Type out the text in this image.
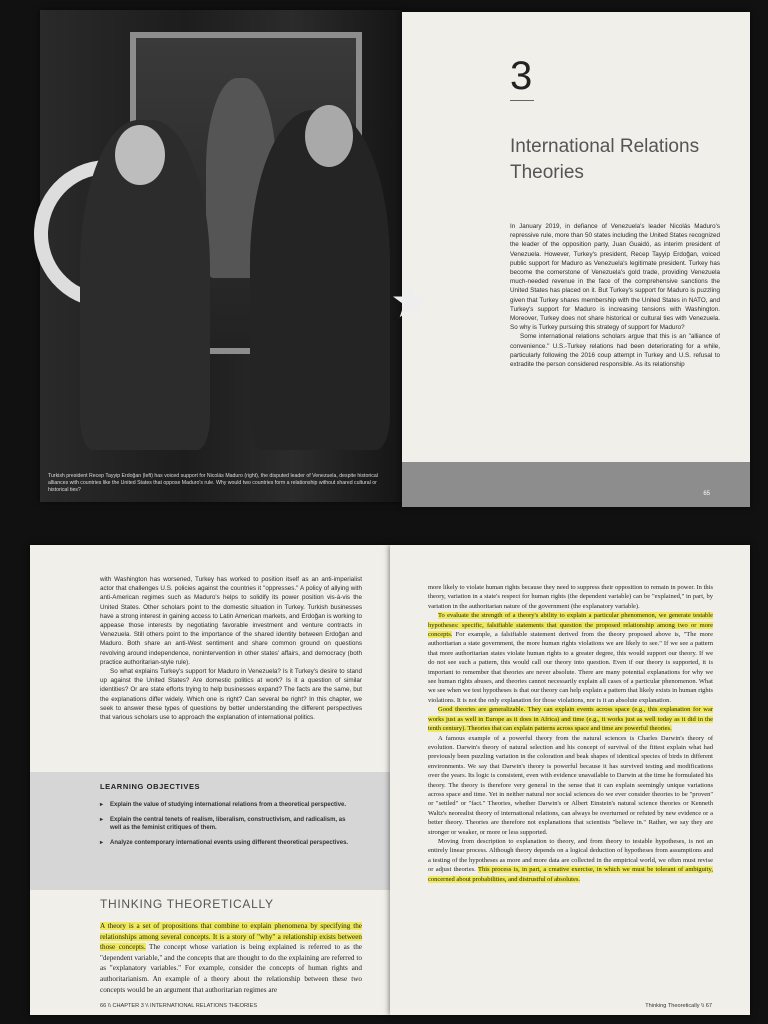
Turkish president Recep Tayyip Erdoğan (left) has voiced support for Nicolás Maduro (right), the disputed leader of Venezuela, despite historical alliances with countries like the United States that oppose Maduro's rule. Why would two countries form a relationship without shared cultural or historical ties?
★
3
International Relations Theories
In January 2019, in defiance of Venezuela's leader Nicolás Maduro's repressive rule, more than 50 states including the United States recognized the leader of the opposition party, Juan Guaidó, as interim president of Venezuela. However, Turkey's president, Recep Tayyip Erdoğan, voiced public support for Maduro as Venezuela's legitimate president. Turkey has become the cornerstone of Venezuela's gold trade, providing Venezuela much-needed revenue in the face of the comprehensive sanctions the United States has placed on it. But Turkey's support for Maduro is puzzling given that Turkey shares membership with the United States in NATO, and Turkey's support for Maduro is increasing tensions with Washington. Moreover, Turkey does not share historical or cultural ties with Venezuela. So why is Turkey pursuing this strategy of support for Maduro?
Some international relations scholars argue that this is an "alliance of convenience." U.S.-Turkey relations had been deteriorating for a while, particularly following the 2016 coup attempt in Turkey and U.S. refusal to extradite the person considered responsible. As its relationship
65
with Washington has worsened, Turkey has worked to position itself as an anti-imperialist actor that challenges U.S. policies against the countries it "oppresses." A policy of allying with anti-American regimes such as Maduro's helps to solidify its power position vis-à-vis the United States. Other scholars point to the domestic situation in Turkey. Turkish businesses have a strong interest in gaining access to Latin American markets, and Erdoğan is working to appease those interests by negotiating favorable investment and venture contracts in Venezuela. Still others point to the importance of the shared identity between Erdoğan and Maduro. Both share an anti-West sentiment and share common ground on questions revolving around independence, nonintervention in other states' affairs, and democracy (both practice authoritarian-style rule).
So what explains Turkey's support for Maduro in Venezuela? Is it Turkey's desire to stand up against the United States? Are domestic politics at work? Is it a question of similar identities? Or are state efforts trying to help businesses expand? The facts are the same, but the explanations differ widely. Which one is right? Can several be right? In this chapter, we seek to answer these types of questions by better understanding the different perspectives that various scholars use to approach the explanation of international politics.
LEARNING OBJECTIVES
▸ Explain the value of studying international relations from a theoretical perspective.
▸ Explain the central tenets of realism, liberalism, constructivism, and radicalism, as well as the feminist critiques of them.
▸ Analyze contemporary international events using different theoretical perspectives.
THINKING THEORETICALLY
A theory is a set of propositions that combine to explain phenomena by specifying the relationships among several concepts. It is a story of "why" a relationship exists between those concepts. The concept whose variation is being explained is referred to as the "dependent variable," and the concepts that are thought to do the explaining are referred to as "explanatory variables." For example, consider the concepts of human rights and authoritarianism. An example of a theory about the relationship between these two concepts would be an argument that authoritarian regimes are
66 \\ CHAPTER 3 \\ INTERNATIONAL RELATIONS THEORIES
more likely to violate human rights because they need to suppress their opposition to remain in power. In this theory, variation in a state's respect for human rights (the dependent variable) can be "explained," in part, by variation in the authoritarian nature of the government (the explanatory variable).
To evaluate the strength of a theory's ability to explain a particular phenomenon, we generate testable hypotheses: specific, falsifiable statements that question the proposed relationship among two or more concepts. For example, a falsifiable statement derived from the theory proposed above is, "The more authoritarian a state government, the more human rights violations we are likely to see." If we see a pattern that more authoritarian states violate human rights to a greater degree, this would support our theory. If we do not see such a pattern, this would call our theory into question. Even if our theory is supported, it is important to remember that theories are never absolute. There are many potential explanations for why we see human rights abuses, and theories cannot necessarily explain all cases of a particular phenomenon. What we see when we test hypotheses is that our theory can help explain a pattern that likely exists in human rights violations. It is not the only explanation for those violations, nor is it an absolute explanation.
Good theories are generalizable. They can explain events across space (e.g., this explanation for war works just as well in Europe as it does in Africa) and time (e.g., it works just as well today as it did in the tenth century). Theories that can explain patterns across space and time are powerful theories.
A famous example of a powerful theory from the natural sciences is Charles Darwin's theory of evolution. Darwin's theory of natural selection and his concept of survival of the fittest explain what had previously been puzzling variation in the coloration and beak shapes of identical species of birds in different environments. We say that Darwin's theory is powerful because it has survived testing and modifications over the years. Its logic is consistent, even with evidence unavailable to Darwin at the time he formulated his theory. The theory is therefore very general in the sense that it can explain seemingly unique variations across space and time. Yet in neither natural nor social sciences do we ever consider theories to be "proven" or "settled" or "fact." Theories, whether Darwin's or Albert Einstein's natural science theories or Kenneth Waltz's neorealist theory of international relations, can always be overturned or refuted by new evidence or a better theory. Theories are therefore not explanations that scientists "believe in." Rather, we say they are stronger or weaker, or more or less supported.
Moving from description to explanation to theory, and from theory to testable hypotheses, is not an entirely linear process. Although theory depends on a logical deduction of hypotheses from assumptions and a testing of the hypotheses as more and more data are collected in the empirical world, we often must revise or adjust theories. This process is, in part, a creative exercise, in which we must be tolerant of ambiguity, concerned about probabilities, and distrustful of absolutes.
Thinking Theoretically \\ 67
